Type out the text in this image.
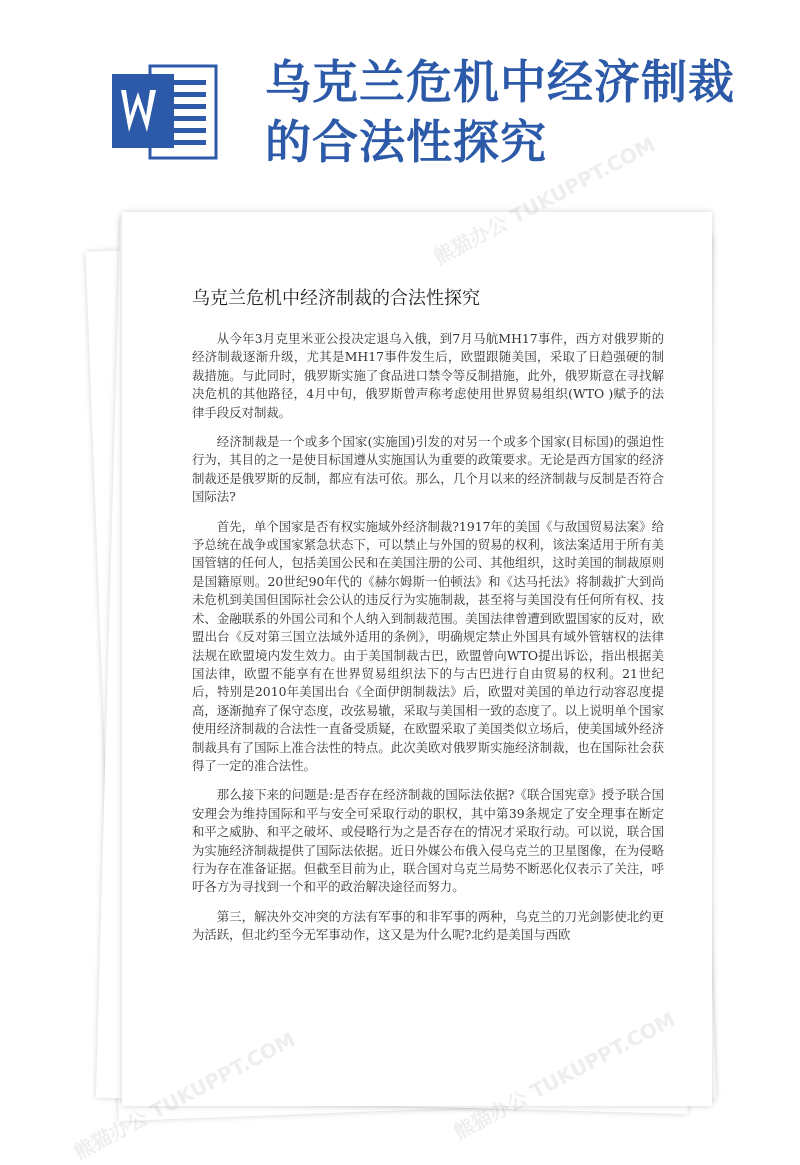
乌克兰危机中经济制裁的合法性探究
乌克兰危机中经济制裁的合法性探究

从今年3月克里米亚公投决定退乌入俄，到7月马航MH17事件，西方对俄罗斯的经济制裁逐渐升级，尤其是MH17事件发生后，欧盟跟随美国，采取了日趋强硬的制裁措施。与此同时，俄罗斯实施了食品进口禁令等反制措施，此外，俄罗斯意在寻找解决危机的其他路径，4月中旬，俄罗斯曾声称考虑使用世界贸易组织(WTO )赋予的法律手段反对制裁。

经济制裁是一个或多个国家(实施国)引发的对另一个或多个国家(目标国)的强迫性行为，其目的之一是使目标国遵从实施国认为重要的政策要求。无论是西方国家的经济制裁还是俄罗斯的反制，都应有法可依。那么，几个月以来的经济制裁与反制是否符合国际法?

首先，单个国家是否有权实施域外经济制裁?1917年的美国《与敌国贸易法案》给予总统在战争或国家紧急状态下，可以禁止与外国的贸易的权利，该法案适用于所有美国管辖的任何人，包括美国公民和在美国注册的公司、其他组织，这时美国的制裁原则是国籍原则。20世纪90年代的《赫尔姆斯一伯顿法》和《达马托法》将制裁扩大到尚未危机到美国但国际社会公认的违反行为实施制裁，甚至将与美国没有任何所有权、技术、金融联系的外国公司和个人纳入到制裁范围。美国法律曾遭到欧盟国家的反对，欧盟出台《反对第三国立法域外适用的条例》，明确规定禁止外国具有域外管辖权的法律法规在欧盟境内发生效力。由于美国制裁古巴，欧盟曾向WTO提出诉讼，指出根据美国法律，欧盟不能享有在世界贸易组织法下的与古巴进行自由贸易的权利。21世纪后，特别是2010年美国出台《全面伊朗制裁法》后，欧盟对美国的单边行动容忍度提高，逐渐抛弃了保守态度，改弦易辙，采取与美国相一致的态度了。以上说明单个国家使用经济制裁的合法性一直备受质疑，在欧盟采取了美国类似立场后，使美国域外经济制裁具有了国际上准合法性的特点。此次美欧对俄罗斯实施经济制裁，也在国际社会获得了一定的准合法性。

那么接下来的问题是:是否存在经济制裁的国际法依据?《联合国宪章》授予联合国安理会为维持国际和平与安全可采取行动的职权，其中第39条规定了安全理事在断定和平之威胁、和平之破坏、或侵略行为之是否存在的情况才采取行动。可以说，联合国为实施经济制裁提供了国际法依据。近日外媒公布俄入侵乌克兰的卫星图像，在为侵略行为存在准备证据。但截至目前为止，联合国对乌克兰局势不断恶化仅表示了关注，呼吁各方为寻找到一个和平的政治解决途径而努力。

第三，解决外交冲突的方法有军事的和非军事的两种，乌克兰的刀光剑影使北约更为活跃，但北约至今无军事动作，这又是为什么呢?北约是美国与西欧

熊猫办公 TUKUPPT.COM
熊猫办公
